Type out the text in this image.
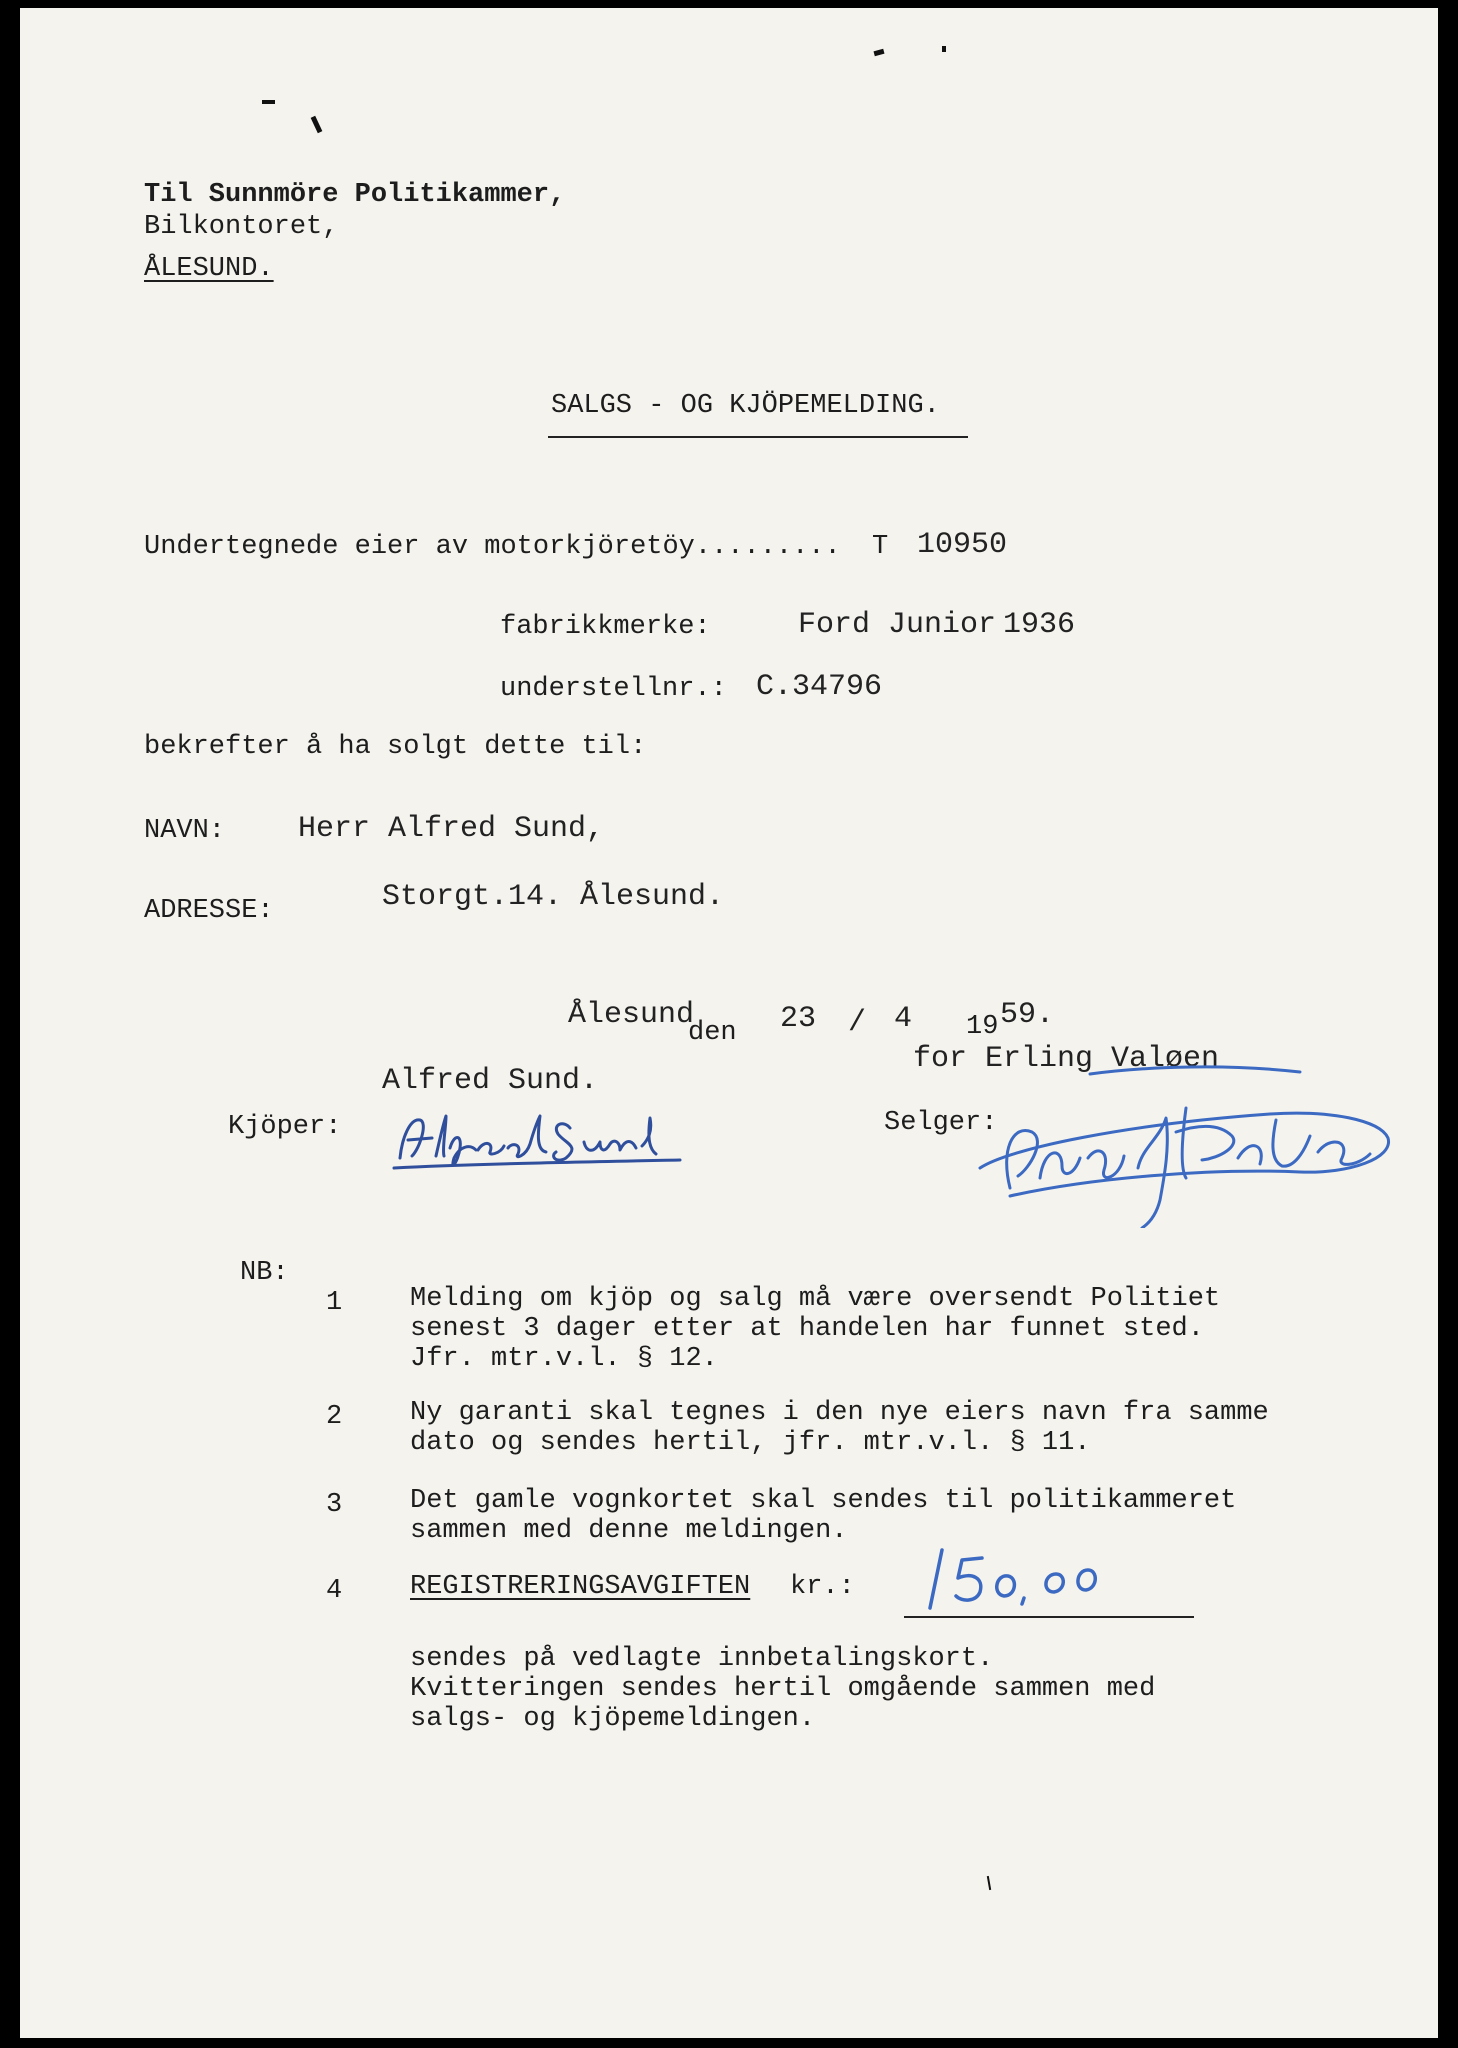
Til Sunnmöre Politikammer,
Bilkontoret,
ÅLESUND.
SALGS - OG KJÖPEMELDING.
Undertegnede eier av motorkjöretöy......... T 10950
fabrikkmerke:	Ford Junior 1936
understellnr.: C.34796
bekrefter å ha solgt dette til:
NAVN: Herr Alfred Sund,
ADRESSE:	Storgt.14. Ålesund.
Ålesund
den 23 / 4 19 59.
for Erling Valøen
Alfred Sund.
Kjöper:	Selger:
NB:
1	Melding om kjöp og salg må være oversendt Politiet
senest 3 dager etter at handelen har funnet sted.
Jfr. mtr.v.l. § 12.
2	Ny garanti skal tegnes i den nye eiers navn fra samme
dato og sendes hertil, jfr. mtr.v.l. § 11.
3	Det gamle vognkortet skal sendes til politikammeret
sammen med denne meldingen.
4	REGISTRERINGSAVGIFTEN kr.:
sendes på vedlagte innbetalingskort.
Kvitteringen sendes hertil omgående sammen med
salgs- og kjöpemeldingen.
